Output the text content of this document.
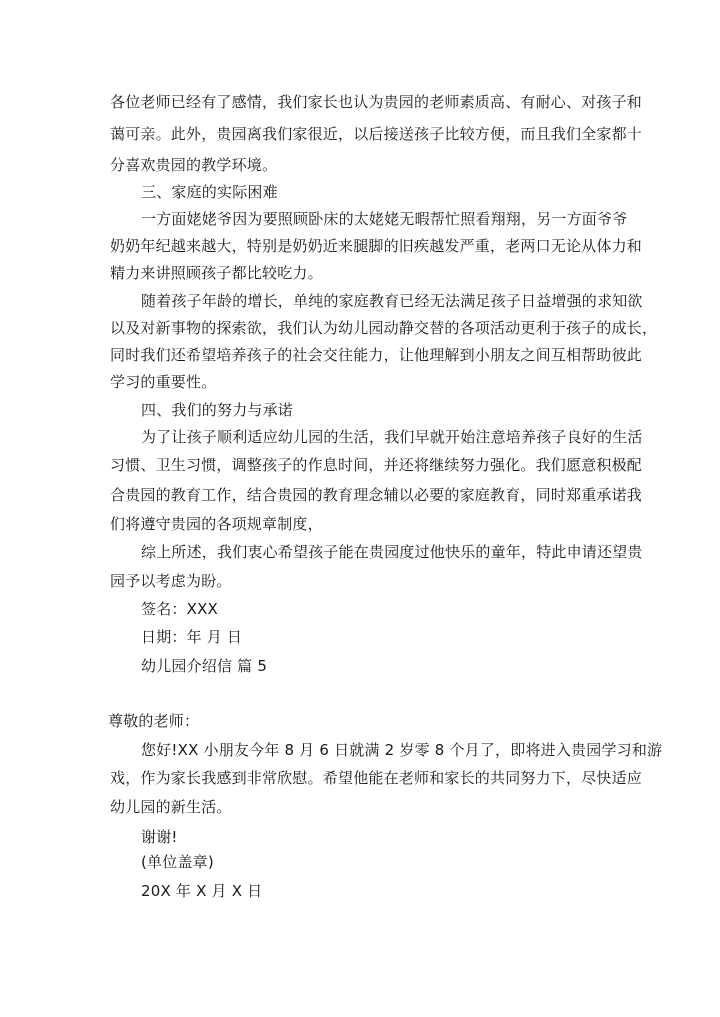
各位老师已经有了感情，我们家长也认为贵园的老师素质高、有耐心、对孩子和
蔼可亲。此外，贵园离我们家很近，以后接送孩子比较方便，而且我们全家都十
分喜欢贵园的教学环境。
三、家庭的实际困难
一方面姥姥爷因为要照顾卧床的太姥姥无暇帮忙照看翔翔，另一方面爷爷
奶奶年纪越来越大，特别是奶奶近来腿脚的旧疾越发严重，老两口无论从体力和
精力来讲照顾孩子都比较吃力。
随着孩子年龄的增长，单纯的家庭教育已经无法满足孩子日益增强的求知欲
以及对新事物的探索欲，我们认为幼儿园动静交替的各项活动更利于孩子的成长，
同时我们还希望培养孩子的社会交往能力，让他理解到小朋友之间互相帮助彼此
学习的重要性。
四、我们的努力与承诺
为了让孩子顺利适应幼儿园的生活，我们早就开始注意培养孩子良好的生活
习惯、卫生习惯，调整孩子的作息时间，并还将继续努力强化。我们愿意积极配
合贵园的教育工作，结合贵园的教育理念辅以必要的家庭教育，同时郑重承诺我
们将遵守贵园的各项规章制度，
综上所述，我们衷心希望孩子能在贵园度过他快乐的童年，特此申请还望贵
园予以考虑为盼。
签名：XXX
日期：年 月 日
幼儿园介绍信 篇 5
尊敬的老师：
您好!XX 小朋友今年 8 月 6 日就满 2 岁零 8 个月了，即将进入贵园学习和游
戏，作为家长我感到非常欣慰。希望他能在老师和家长的共同努力下，尽快适应
幼儿园的新生活。
谢谢!
(单位盖章)
20X 年 X 月 X 日
